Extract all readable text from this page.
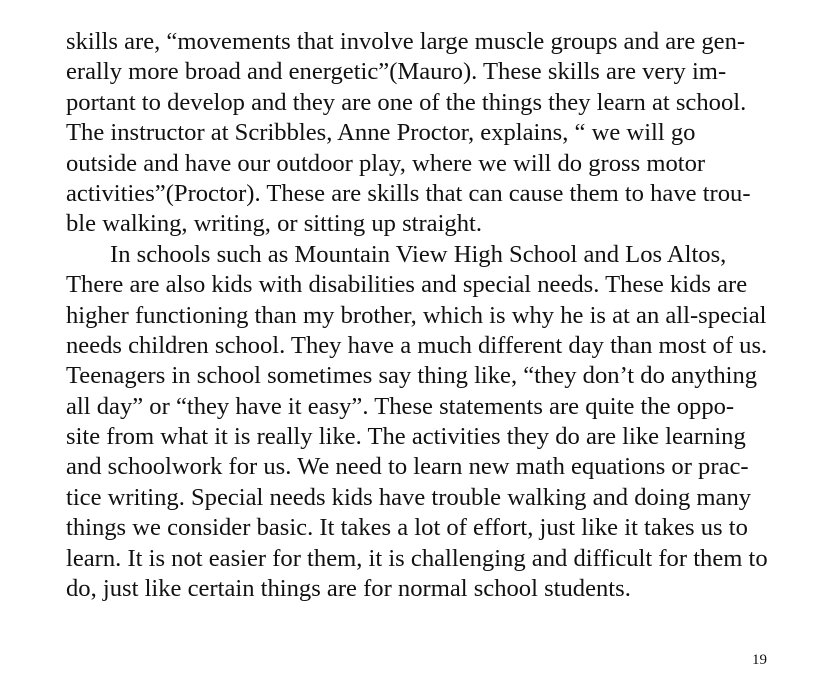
skills are, “movements that involve large muscle groups and are gen-
erally more broad and energetic”(Mauro). These skills are very im-
portant to develop and they are one of the things they learn at school.
The instructor at Scribbles, Anne Proctor, explains, “ we will go
outside and have our outdoor play, where we will do gross motor
activities”(Proctor). These are skills that can cause them to have trou-
ble walking, writing, or sitting up straight.
In schools such as Mountain View High School and Los Altos,
There are also kids with disabilities and special needs. These kids are
higher functioning than my brother, which is why he is at an all-special
needs children school. They have a much different day than most of us.
Teenagers in school sometimes say thing like, “they don’t do anything
all day” or “they have it easy”. These statements are quite the oppo-
site from what it is really like. The activities they do are like learning
and schoolwork for us. We need to learn new math equations or prac-
tice writing. Special needs kids have trouble walking and doing many
things we consider basic. It takes a lot of effort, just like it takes us to
learn. It is not easier for them, it is challenging and difficult for them to
do, just like certain things are for normal school students.
19
